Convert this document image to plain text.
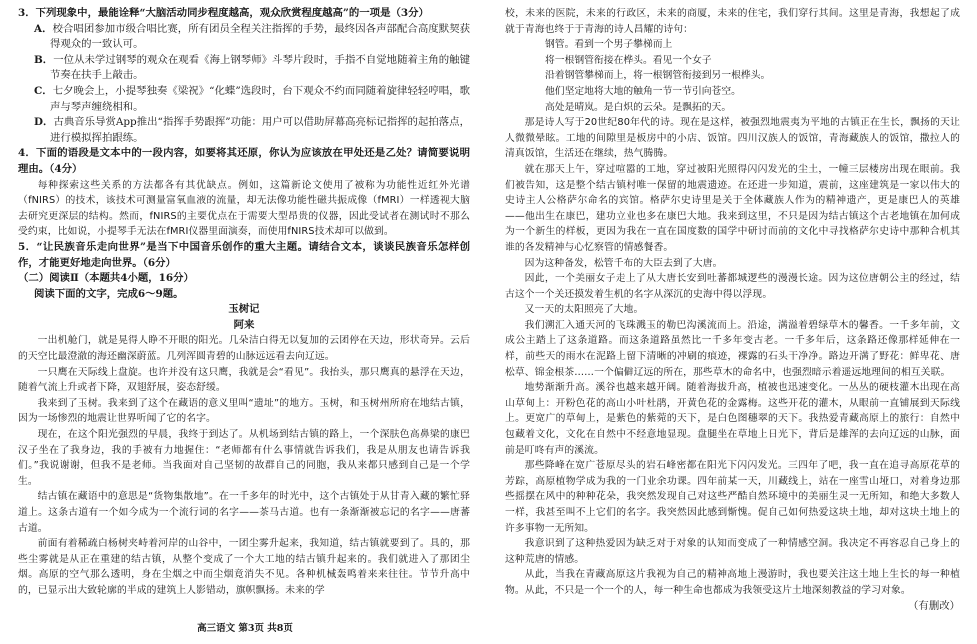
3．下列现象中，最能诠释“大脑活动同步程度越高，观众欣赏程度越高”的一项是（3分）

A．校合唱团参加市级合唱比赛，所有团员全程关注指挥的手势，最终因各声部配合高度默契获得观众的一致认可。

B．一位从未学过钢琴的观众在观看《海上钢琴师》斗琴片段时，手指不自觉地随着主角的触键节奏在扶手上敲击。

C．七夕晚会上，小提琴独奏《梁祝》“化蝶”选段时，台下观众不约而同随着旋律轻轻哼唱，歌声与琴声缠绕相和。

D．古典音乐导赏App推出“指挥手势跟挥”功能：用户可以借助屏幕高亮标记指挥的起拍落点，进行模拟挥拍跟练。

4．下面的语段是文本中的一段内容，如要将其还原，你认为应该放在甲处还是乙处？请简要说明理由。（4分）

每种探索这些关系的方法都各有其优缺点。例如，这篇新论文使用了被称为功能性近红外光谱（fNIRS）的技术，该技术可测量富氧血液的流量，却无法像功能性磁共振成像（fMRI）一样透视大脑去研究更深层的结构。然而，fNIRS的主要优点在于需要大型昂贵的仪器，因此受试者在测试时不那么受约束，比如说，小提琴手无法在fMRI仪器里面演奏，而使用fNIRS技术却可以做到。

5．“让民族音乐走向世界”是当下中国音乐创作的重大主题。请结合文本，谈谈民族音乐怎样创作，才能更好地走向世界。（6分）

（二）阅读Ⅱ（本题共4小题，16分）

阅读下面的文字，完成6～9题。

玉树记

阿来

一出机舱门，就是晃得人睁不开眼的阳光。几朵洁白得无以复加的云团停在天边，形状奇异。云后的天空比最澄澈的海还幽深蔚蓝。几列浑圆青碧的山脉远远看去向辽远。

一只鹰在天际线上盘旋。也许并没有这只鹰，我就是会“看见”。我抬头，那只鹰真的悬浮在天边，随着气流上升或者下降，双翅舒展，姿态舒缓。

我来到了玉树。我来到了这个在藏语的意义里叫“遗址”的地方。玉树，和玉树州所府在地结古镇，因为一场惨烈的地震让世界听闻了它的名字。

现在，在这个阳光强烈的早晨，我终于到达了。从机场到结古镇的路上，一个深肤色高鼻梁的康巴汉子坐在了我身边，我的手被有力地握住：“老师都有什么事情就告诉我们，我是从朋友也请告诉我们。”我说谢谢，但我不是老师。当我面对自己坚韧的故群自己的同胞，我从来都只感到自己是一个学生。

结古镇在藏语中的意思是“货物集散地”。在一千多年的时光中，这个古镇处于从甘青入藏的繁忙驿道上。这条古道有一个如今成为一个流行词的名字——茶马古道。也有一条渐渐被忘记的名字——唐蕃古道。

前面有着稀疏白杨树夹峙着河岸的山谷中，一团尘雾升起来，我知道，结古镇就要到了。具的，那些尘雾就是从正在重建的结古镇，从整个变成了一个大工地的结古镇升起来的。我们就进入了那团尘烟。高原的空气那么透明，身在尘烟之中而尘烟竟消失不见。各种机械轰鸣着来来往往。节节升高中的，已显示出大致轮廓的半成的建筑上人影错动，旗帜飘扬。未来的学

校，未来的医院，未来的行政区，未来的商厦，未来的住宅，我们穿行其间。这里是青海，我想起了成就于青海也终于于青海的诗人昌耀的诗句：

钢管。看到一个男子攀梯而上

将一根钢管衔接在桦头。看见一个女子

沿着钢管攀梯而上，将一根钢管衔接到另一根桦头。

他们坚定地将大地的触角一节一节引向苍空。

高处是晴岚。是白炽的云朵。是飘拓的天。

那是诗人写于20世纪80年代的诗。现在是这样，被强烈地震夷为平地的古镇正在生长，飘扬的天让人微微晕眩。工地的间隙里是板房中的小店、饭馆。四川汉族人的饭馆，青海藏族人的饭馆，撒拉人的清真饭馆，生活还在继续，热气腾腾。

就在那天上午，穿过喧嚣的工地，穿过被阳光照得闪闪发光的尘土，一幢三层楼房出现在眼前。我们被告知，这是整个结古镇村唯一保留的地震遗迹。在还进一步知道，震前，这座建筑是一家以伟大的史诗主人公格萨尔命名的宾馆。格萨尔史诗里是关于全体藏族人作为的精神遗产，更是康巴人的英雄——他出生在康巴，建功立业也多在康巴大地。我来到这里，不只是因为结古镇这个古老地镇在加何成为一个新生的样板，更因为我在一直在国度数的国学中研讨而前的文化中寻找格萨尔史诗中那种合机其谁的各发精神与心忆察管的情感餐香。

因为这种备发，松管千布的大臣去到了大唐。

因此，一个美丽女子走上了从大唐长安到吐蕃都城逻些的漫漫长途。因为这位唐朝公主的经过，结古这个一个关还摸发着生机的名字从深沉的史海中得以浮现。

又一天的太阳照亮了大地。

我们溯汇入通天河的飞珠溅玉的勒巴沟溪流而上。沿途，满溢着碧绿草木的馨香。一千多年前，文成公主踏上了这条道路。而这条道路虽然比一千多年变古老。一千多年后，这条路还像那样延伸在一样，前些天的雨水在泥路上留下清晰的冲刷的痕迹，裸露的石头干净净。路边开满了野花：鲜卑花、唐松草、锦金根茶……一个偏僻辽远的所在，那些草木的命名中，也强烈暗示着遥远地理间的相互关联。

地势渐渐升高。溪谷也越来越开阔。随着海拔升高，植被也迅速变化。一丛丛的硬枝灌木出现在高山草甸上：开粉色花的高山小叶杜鹃，开黄色花的金露梅。这些开花的灌木，从眼前一直铺展到天际线上。更宽广的草甸上，是紫色的紫菀的天下，是白色图穗翠的天下。我热爱青藏高原上的旅行：自然中包藏着文化，文化在自然中不经意地显现。盘腿坐在草地上日光下，背后是雄浑的去向辽远的山脉，面前是叮咚有声的溪流。

那些降峰在宽广苍原尽头的岩石峰密都在阳光下闪闪发光。三四年了吧，我一直在追寻高原花草的芳踪，高原植物学成为我的一门业余功课。四年前某一天，川藏线上，站在一座雪山垭口，对着身边那些摇摆在风中的种种花朵，我突然发现自己对这些严酷自然环境中的美丽生灵一无所知，和绝大多数人一样，我甚至叫不上它们的名字。我突然因此感到惭愧。促自己如何热爱这块土地，却对这块土地上的许多事物一无所知。

我意识到了这种热爱因为缺乏对于对象的认知而变成了一种情感空洞。我决定不再容忍自己身上的这种荒唐的情感。

从此，当我在青藏高原这片我视为自己的精神高地上漫游时，我也要关注这土地上生长的每一种植物。从此，不只是一个一个的人，每一种生命也都成为我领受这片土地深刻教益的学习对象。

（有删改）

高三语文 第3页 共8页
